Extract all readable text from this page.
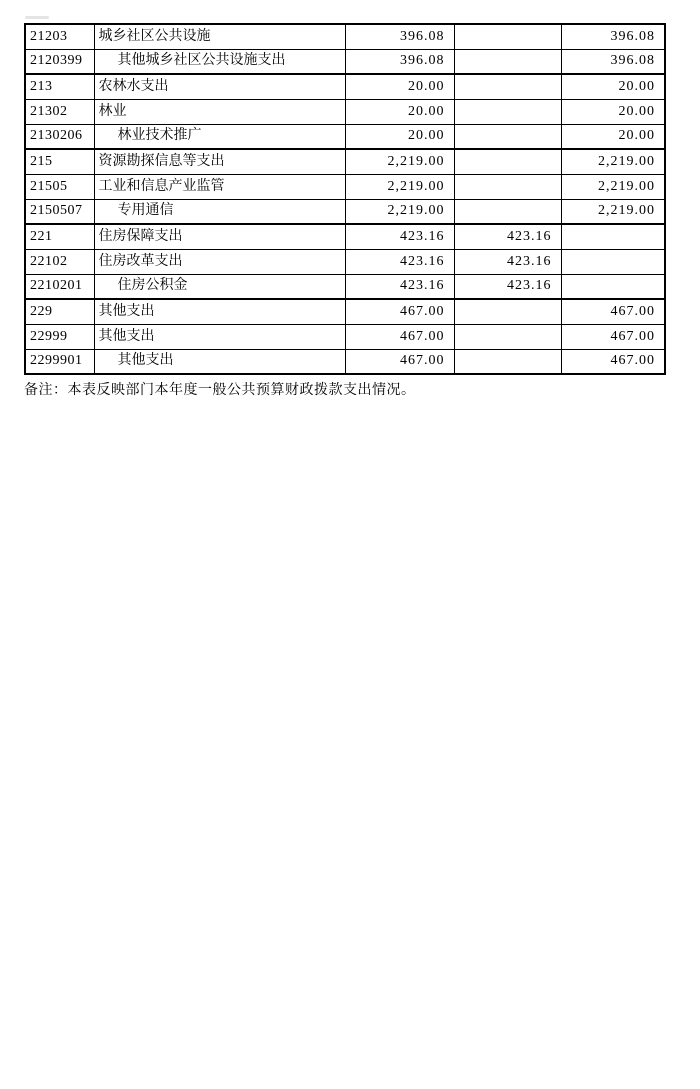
21203	城乡社区公共设施	396.08		396.08
2120399	其他城乡社区公共设施支出	396.08		396.08
213	农林水支出	20.00		20.00
21302	林业	20.00		20.00
2130206	林业技术推广	20.00		20.00
215	资源勘探信息等支出	2,219.00		2,219.00
21505	工业和信息产业监管	2,219.00		2,219.00
2150507	专用通信	2,219.00		2,219.00
221	住房保障支出	423.16	423.16	
22102	住房改革支出	423.16	423.16	
2210201	住房公积金	423.16	423.16	
229	其他支出	467.00		467.00
22999	其他支出	467.00		467.00
2299901	其他支出	467.00		467.00
备注：本表反映部门本年度一般公共预算财政拨款支出情况。
